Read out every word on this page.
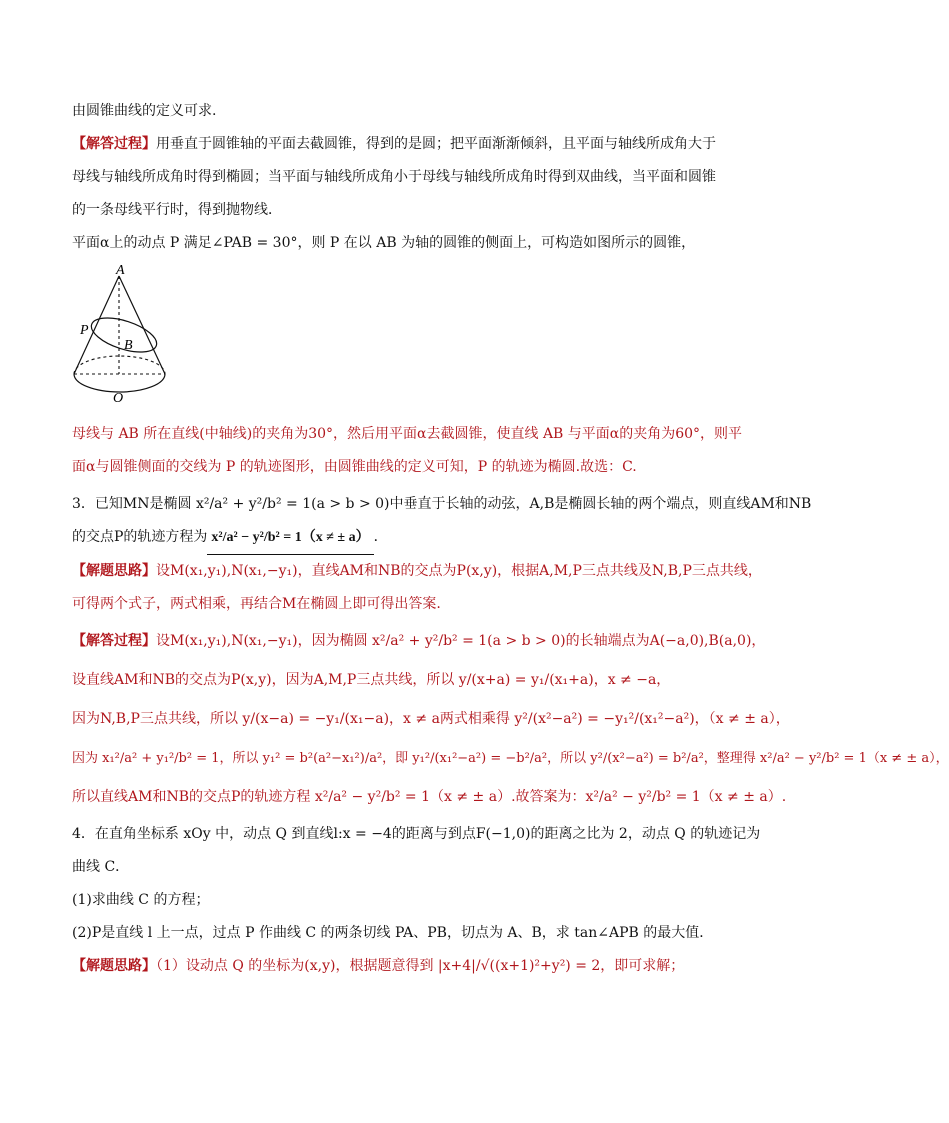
由圆锥曲线的定义可求.
【解答过程】用垂直于圆锥轴的平面去截圆锥，得到的是圆；把平面渐渐倾斜，且平面与轴线所成角大于
母线与轴线所成角时得到椭圆；当平面与轴线所成角小于母线与轴线所成角时得到双曲线，当平面和圆锥
的一条母线平行时，得到抛物线．
平面α上的动点 P 满足∠PAB = 30°，则 P 在以 AB 为轴的圆锥的侧面上，可构造如图所示的圆锥，
A
P
B
O
母线与 AB 所在直线(中轴线)的夹角为30°，然后用平面α去截圆锥，使直线 AB 与平面α的夹角为60°，则平
面α与圆锥侧面的交线为 P 的轨迹图形，由圆锥曲线的定义可知，P 的轨迹为椭圆.故选：C.
3．已知MN是椭圆 x²/a² + y²/b² = 1(a > b > 0)中垂直于长轴的动弦，A,B是椭圆长轴的两个端点，则直线AM和NB
的交点P的轨迹方程为 x²/a² − y²/b² = 1（x ≠ ± a） ．
【解题思路】设M(x₁,y₁),N(x₁,−y₁)，直线AM和NB的交点为P(x,y)，根据A,M,P三点共线及N,B,P三点共线，
可得两个式子，两式相乘，再结合M在椭圆上即可得出答案.
【解答过程】设M(x₁,y₁),N(x₁,−y₁)，因为椭圆 x²/a² + y²/b² = 1(a > b > 0)的长轴端点为A(−a,0),B(a,0)，
设直线AM和NB的交点为P(x,y)，因为A,M,P三点共线，所以 y/(x+a) = y₁/(x₁+a)，x ≠ −a，
因为N,B,P三点共线，所以 y/(x−a) = −y₁/(x₁−a)，x ≠ a两式相乘得 y²/(x²−a²) = −y₁²/(x₁²−a²)，（x ≠ ± a），
因为 x₁²/a² + y₁²/b² = 1，所以 y₁² = b²(a²−x₁²)/a²，即 y₁²/(x₁²−a²) = −b²/a²，所以 y²/(x²−a²) = b²/a²，整理得 x²/a² − y²/b² = 1（x ≠ ± a），
所以直线AM和NB的交点P的轨迹方程 x²/a² − y²/b² = 1（x ≠ ± a）.故答案为：x²/a² − y²/b² = 1（x ≠ ± a）.
4．在直角坐标系 xOy 中，动点 Q 到直线l:x = −4的距离与到点F(−1,0)的距离之比为 2，动点 Q 的轨迹记为
曲线 C．
(1)求曲线 C 的方程；
(2)P是直线 l 上一点，过点 P 作曲线 C 的两条切线 PA、PB，切点为 A、B，求 tan∠APB 的最大值．
【解题思路】（1）设动点 Q 的坐标为(x,y)，根据题意得到 |x+4|/√((x+1)²+y²) = 2，即可求解；
